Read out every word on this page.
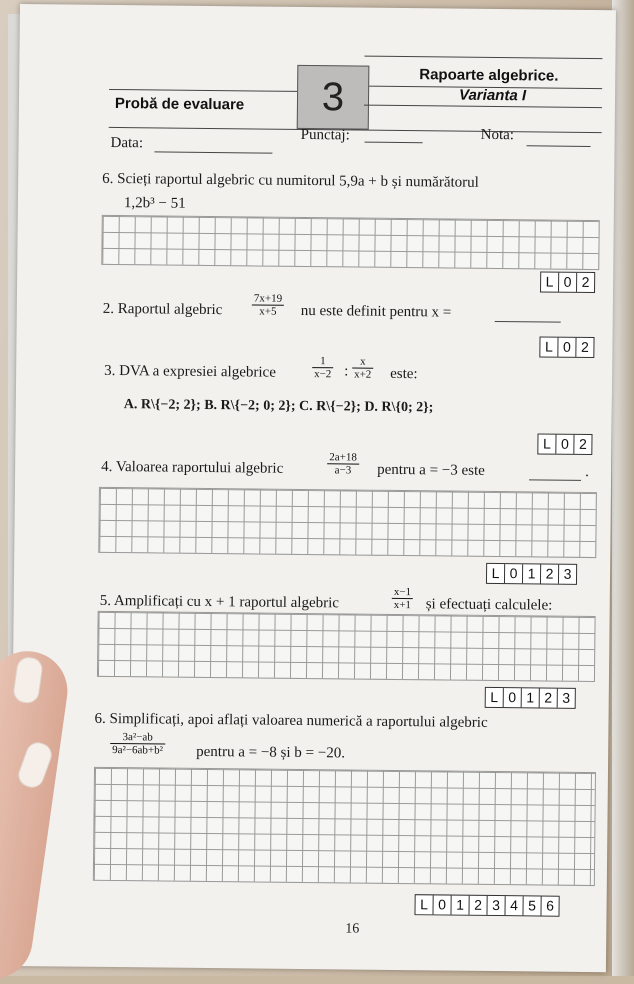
Rapoarte algebrice.
Varianta I
Probă de evaluare	3
Data:	Punctaj:	Nota:
6. Scieți raportul algebric cu numitorul 5,9a + b și numărătorul
1,2b³ − 51
L 0 2
2. Raportul algebric	$\frac{7x+19}{x+5}$ nu este definit pentru x =
L 0 2
3. DVA a expresiei algebrice	$\frac{1}{x-2}$ : $\frac{x}{x+2}$ este:
A. R\{−2; 2}; B. R\{−2; 0; 2}; C. R\{−2}; D. R\{0; 2};
L 0 2
4. Valoarea raportului algebric	$\frac{2a+18}{a-3}$ pentru a = −3 este	.
L 0 1 2 3
5. Amplificați cu x + 1 raportul algebric	$\frac{x-1}{x+1}$ și efectuați calculele:
L 0 1 2 3
6. Simplificați, apoi aflați valoarea numerică a raportului algebric
$\frac{\text{3a²−ab}}{\text{9a²−6ab+b²}}$ pentru a = −8 și b = −20.
L 0 1 2 3 4 5 6
16
